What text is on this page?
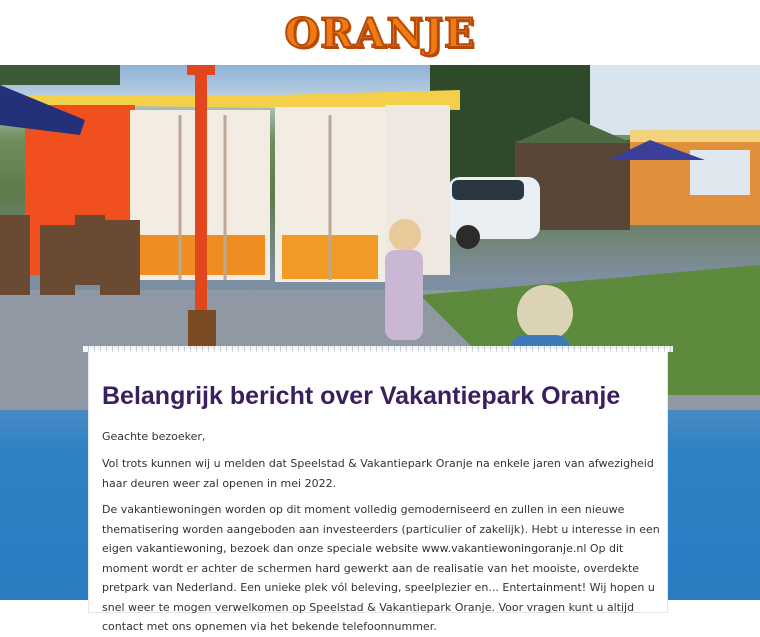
ORANJE
Belangrijk bericht over Vakantiepark Oranje

Geachte bezoeker,

Vol trots kunnen wij u melden dat Speelstad & Vakantiepark Oranje na enkele jaren van afwezigheid haar deuren weer zal openen in mei 2022.

De vakantiewoningen worden op dit moment volledig gemoderniseerd en zullen in een nieuwe thematisering worden aangeboden aan investeerders (particulier of zakelijk). Hebt u interesse in een eigen vakantiewoning, bezoek dan onze speciale website www.vakantiewoningoranje.nl Op dit moment wordt er achter de schermen hard gewerkt aan de realisatie van het mooiste, overdekte pretpark van Nederland. Een unieke plek vól beleving, speelplezier en... Entertainment! Wij hopen u snel weer te mogen verwelkomen op Speelstad & Vakantiepark Oranje. Voor vragen kunt u altijd contact met ons opnemen via het bekende telefoonnummer.
